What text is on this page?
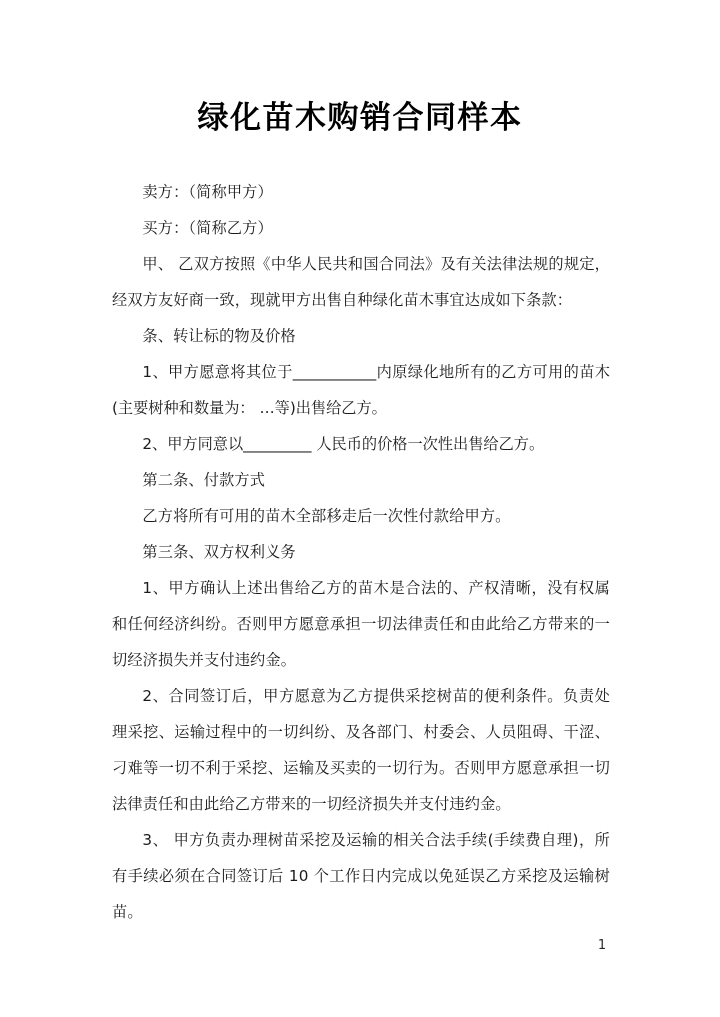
绿化苗木购销合同样本

卖方：（简称甲方）

买方：（简称乙方）

甲、 乙双方按照《中华人民共和国合同法》及有关法律法规的规定，经双方友好商一致，现就甲方出售自种绿化苗木事宜达成如下条款：

条、转让标的物及价格

1、甲方愿意将其位于___________内原绿化地所有的乙方可用的苗木(主要树种和数量为： …等)出售给乙方。

2、甲方同意以_________ 人民币的价格一次性出售给乙方。

第二条、付款方式

乙方将所有可用的苗木全部移走后一次性付款给甲方。

第三条、双方权利义务

1、甲方确认上述出售给乙方的苗木是合法的、产权清晰，没有权属和任何经济纠纷。否则甲方愿意承担一切法律责任和由此给乙方带来的一切经济损失并支付违约金。

2、合同签订后，甲方愿意为乙方提供采挖树苗的便利条件。负责处理采挖、运输过程中的一切纠纷、及各部门、村委会、人员阻碍、干涩、刁难等一切不利于采挖、运输及买卖的一切行为。否则甲方愿意承担一切法律责任和由此给乙方带来的一切经济损失并支付违约金。

3、 甲方负责办理树苗采挖及运输的相关合法手续(手续费自理)，所有手续必须在合同签订后 10 个工作日内完成以免延误乙方采挖及运输树苗。

1
